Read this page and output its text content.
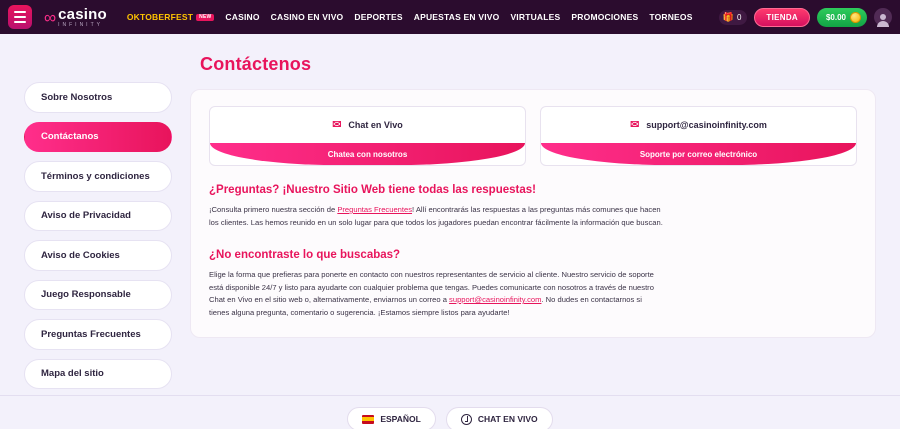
∞ casino
INFINITY
OKTOBERFEST	NEW	CASINO CASINO EN VIVO DEPORTES APUESTAS EN VIVO VIRTUALES PROMOCIONES TORNEOS	🎁 0	TIENDA	$0.00
Sobre Nosotros
Contáctanos
Términos y condiciones
Aviso de Privacidad
Aviso de Cookies
Juego Responsable
Preguntas Frecuentes
Mapa del sitio
Contáctenos
✉ Chat en Vivo
Chatea con nosotros
✉ support@casinoinfinity.com
Soporte por correo electrónico
¿Preguntas? ¡Nuestro Sitio Web tiene todas las respuestas!

¡Consulta primero nuestra sección de Preguntas Frecuentes! Allí encontrarás las respuestas a las preguntas más comunes que hacen los clientes. Las hemos reunido en un solo lugar para que todos los jugadores puedan encontrar fácilmente la información que buscan.

¿No encontraste lo que buscabas?

Elige la forma que prefieras para ponerte en contacto con nuestros representantes de servicio al cliente. Nuestro servicio de soporte está disponible 24/7 y listo para ayudarte con cualquier problema que tengas. Puedes comunicarte con nosotros a través de nuestro Chat en Vivo en el sitio web o, alternativamente, enviarnos un correo a support@casinoinfinity.com. No dudes en contactarnos si tienes alguna pregunta, comentario o sugerencia. ¡Estamos siempre listos para ayudarte!

ESPAÑOL	CHAT EN VIVO
